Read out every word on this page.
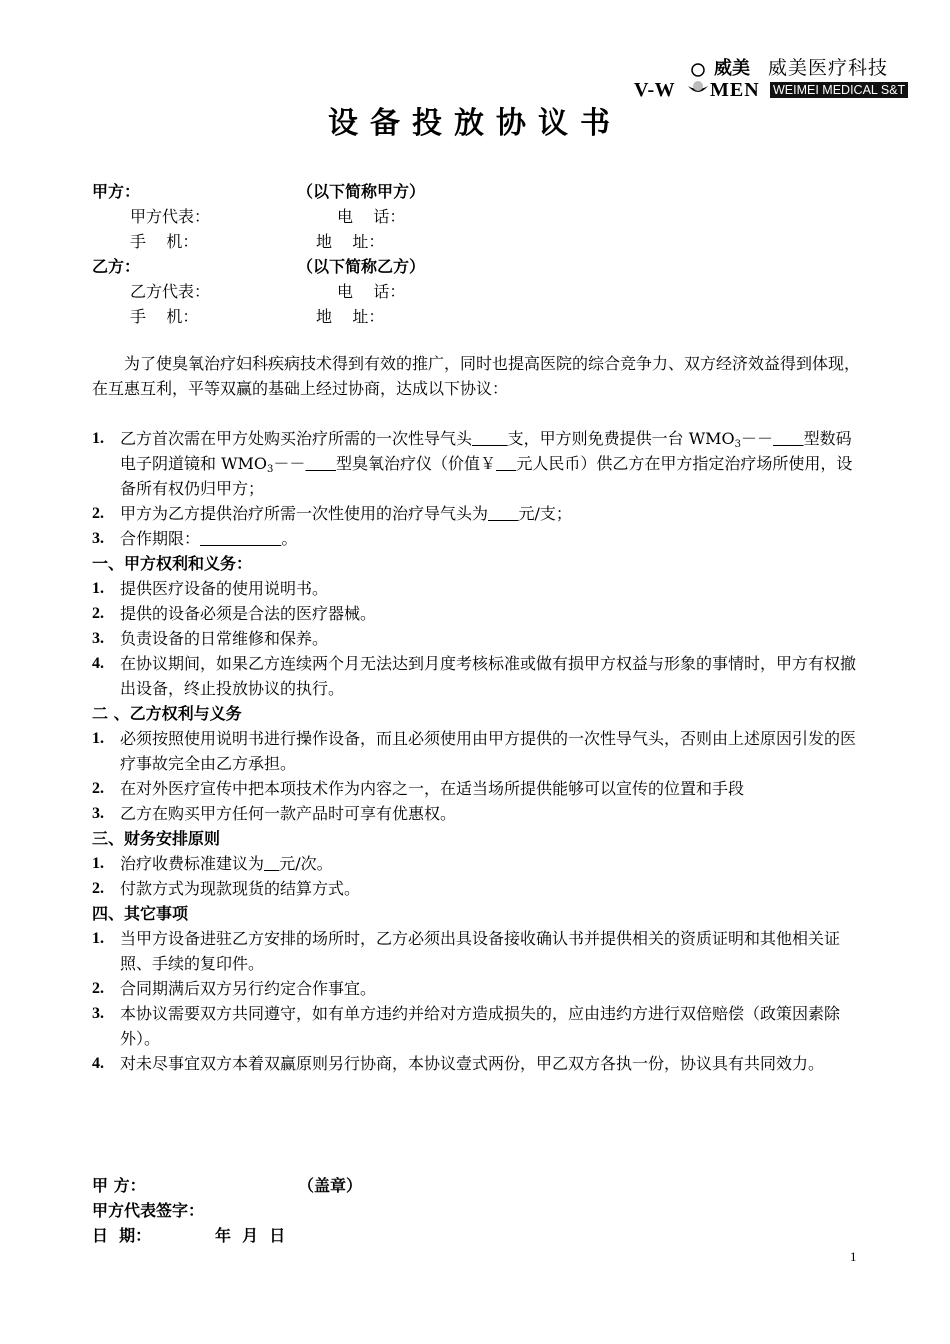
威美
V-W MEN
威美医疗科技
WEIMEI MEDICAL S&T
设备投放协议书
甲方：	（以下简称甲方）
甲方代表：	电    话：
手    机：	地    址：
乙方：	（以下简称乙方）
乙方代表：	电    话：
手    机：	地    址：

为了使臭氧治疗妇科疾病技术得到有效的推广，同时也提高医院的综合竞争力、双方经济效益得到体现，在互惠互利，平等双赢的基础上经过协商，达成以下协议：

1. 乙方首次需在甲方处购买治疗所需的一次性导气头 支，甲方则免费提供一台 $WMO_3--$ 型数码电子阴道镜和 $WMO_3--$ 型臭氧治疗仪（价值￥ 元人民币）供乙方在甲方指定治疗场所使用，设备所有权仍归甲方；
2. 甲方为乙方提供治疗所需一次性使用的治疗导气头为 元/支；
3. 合作期限：	。
一、甲方权利和义务：
1. 提供医疗设备的使用说明书。
2. 提供的设备必须是合法的医疗器械。
3. 负责设备的日常维修和保养。
4. 在协议期间，如果乙方连续两个月无法达到月度考核标准或做有损甲方权益与形象的事情时，甲方有权撤出设备，终止投放协议的执行。
二 、乙方权利与义务
1. 必须按照使用说明书进行操作设备，而且必须使用由甲方提供的一次性导气头，否则由上述原因引发的医疗事故完全由乙方承担。
2. 在对外医疗宣传中把本项技术作为内容之一，在适当场所提供能够可以宣传的位置和手段
3. 乙方在购买甲方任何一款产品时可享有优惠权。
三、财务安排原则
1. 治疗收费标准建议为 元/次。
2. 付款方式为现款现货的结算方式。
四、其它事项
1. 当甲方设备进驻乙方安排的场所时，乙方必须出具设备接收确认书并提供相关的资质证明和其他相关证照、手续的复印件。
2. 合同期满后双方另行约定合作事宜。
3. 本协议需要双方共同遵守，如有单方违约并给对方造成损失的，应由违约方进行双倍赔偿（政策因素除外）。
4. 对未尽事宜双方本着双赢原则另行协商，本协议壹式两份，甲乙双方各执一份，协议具有共同效力。
甲 方：	（盖章）
甲方代表签字：
日  期：	年  月  日
1
